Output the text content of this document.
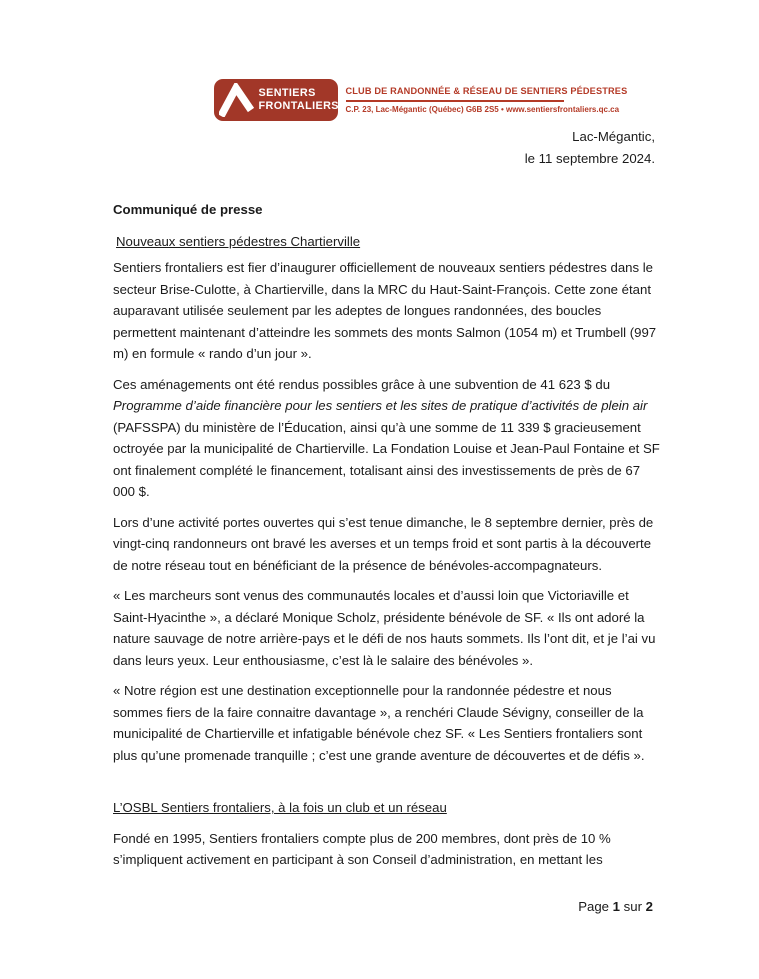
SENTIERS
FRONTALIERS
CLUB DE RANDONNÉE & RÉSEAU DE SENTIERS PÉDESTRES
C.P. 23, Lac-Mégantic (Québec) G6B 2S5 • www.sentiersfrontaliers.qc.ca
Lac-Mégantic,
le 11 septembre 2024.
Communiqué de presse
Nouveaux sentiers pédestres Chartierville

Sentiers frontaliers est fier d’inaugurer officiellement de nouveaux sentiers pédestres dans le secteur Brise-Culotte, à Chartierville, dans la MRC du Haut-Saint-François. Cette zone étant auparavant utilisée seulement par les adeptes de longues randonnées, des boucles permettent maintenant d’atteindre les sommets des monts Salmon (1054 m) et Trumbell (997 m) en formule « rando d’un jour ».

Ces aménagements ont été rendus possibles grâce à une subvention de 41 623 $ du Programme d’aide financière pour les sentiers et les sites de pratique d’activités de plein air (PAFSSPA) du ministère de l’Éducation, ainsi qu’à une somme de 11 339 $ gracieusement octroyée par la municipalité de Chartierville. La Fondation Louise et Jean-Paul Fontaine et SF ont finalement complété le financement, totalisant ainsi des investissements de près de 67 000 $.

Lors d’une activité portes ouvertes qui s’est tenue dimanche, le 8 septembre dernier, près de vingt-cinq randonneurs ont bravé les averses et un temps froid et sont partis à la découverte de notre réseau tout en bénéficiant de la présence de bénévoles-accompagnateurs.

« Les marcheurs sont venus des communautés locales et d’aussi loin que Victoriaville et Saint-Hyacinthe », a déclaré Monique Scholz, présidente bénévole de SF. « Ils ont adoré la nature sauvage de notre arrière-pays et le défi de nos hauts sommets. Ils l’ont dit, et je l’ai vu dans leurs yeux. Leur enthousiasme, c’est là le salaire des bénévoles ».

« Notre région est une destination exceptionnelle pour la randonnée pédestre et nous sommes fiers de la faire connaitre davantage », a renchéri Claude Sévigny, conseiller de la municipalité de Chartierville et infatigable bénévole chez SF. « Les Sentiers frontaliers sont plus qu’une promenade tranquille ; c’est une grande aventure de découvertes et de défis ».

L’OSBL Sentiers frontaliers, à la fois un club et un réseau

Fondé en 1995, Sentiers frontaliers compte plus de 200 membres, dont près de 10 % s’impliquent activement en participant à son Conseil d’administration, en mettant les

Page 1 sur 2
